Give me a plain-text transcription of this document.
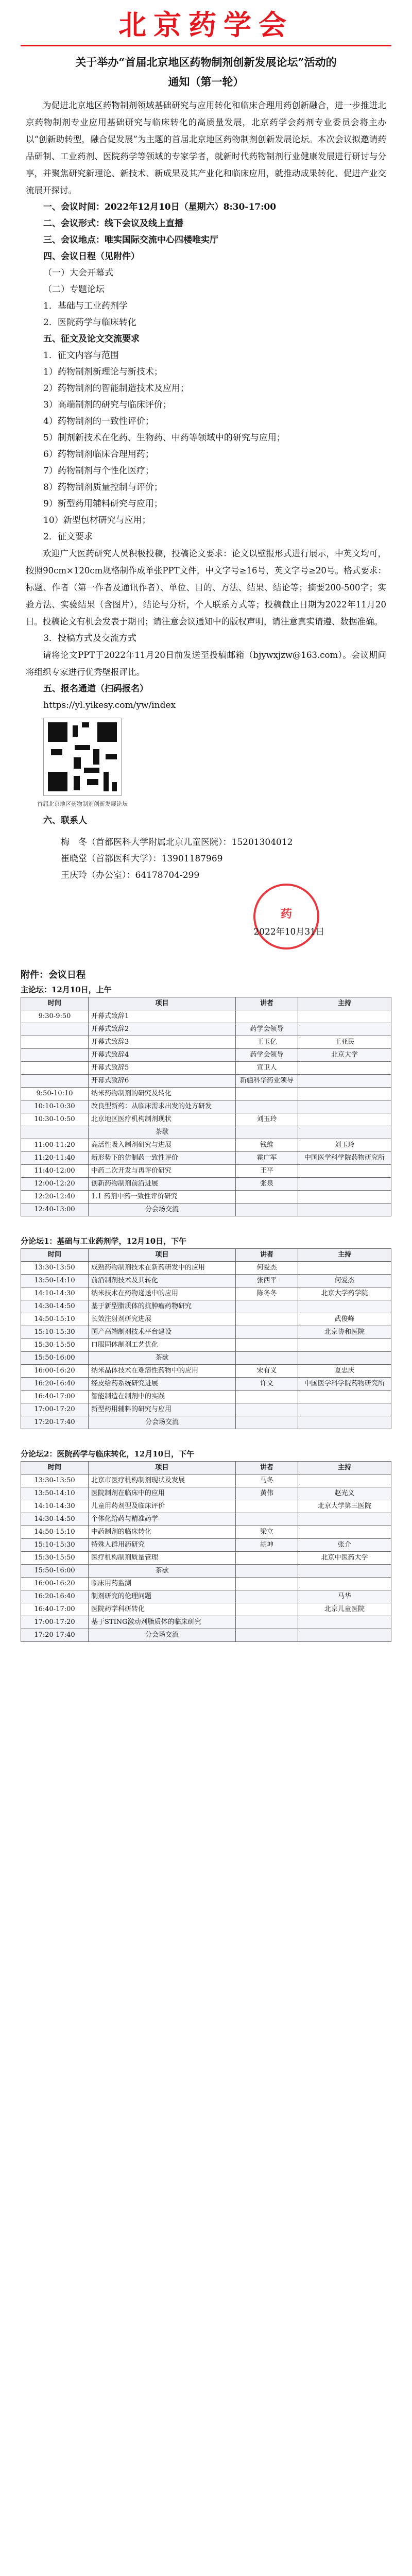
北京药学会
关于举办“首届北京地区药物制剂创新发展论坛”活动的
通知（第一轮）

为促进北京地区药物制剂领域基础研究与应用转化和临床合理用药创新融合，进一步推进北京药物制剂专业应用基础研究与临床转化的高质量发展，北京药学会药剂专业委员会将主办以“创新助转型，融合促发展”为主题的首届北京地区药物制剂创新发展论坛。本次会议拟邀请药品研制、工业药剂、医院药学等领域的专家学者，就新时代药物制剂行业健康发展进行研讨与分享，并聚焦研究新理论、新技术、新成果及其产业化和临床应用，就推动成果转化、促进产业交流展开探讨。

一、会议时间：2022年12月10日（星期六）8:30-17:00

二、会议形式：线下会议及线上直播

三、会议地点：唯实国际交流中心四楼唯实厅

四、会议日程（见附件）

（一）大会开幕式

（二）专题论坛

1．基础与工业药剂学

2．医院药学与临床转化

五、征文及论文交流要求

1．征文内容与范围

1）药物制剂新理论与新技术；

2）药物制剂的智能制造技术及应用；

3）高端制剂的研究与临床评价；

4）药物制剂的一致性评价；

5）制剂新技术在化药、生物药、中药等领域中的研究与应用；

6）药物制剂临床合理用药；

7）药物制剂与个性化医疗；

8）药物制剂质量控制与评价；

9）新型药用辅料研究与应用；

10）新型包材研究与应用；

2．征文要求

欢迎广大医药研究人员积极投稿，投稿论文要求：论文以壁报形式进行展示，中英文均可，按照90cm×120cm规格制作成单张PPT文件，中文字号≥16号，英文字号≥20号。格式要求：标题、作者（第一作者及通讯作者）、单位、目的、方法、结果、结论等；摘要200-500字；实验方法、实验结果（含图片），结论与分析，个人联系方式等；投稿截止日期为2022年11月20日。投稿论文有机会发表于期刊；请注意会议通知中的版权声明，请注意真实请遵、数据准确。

3．投稿方式及交流方式

请将论文PPT于2022年11月20日前发送至投稿邮箱（bjywxjzw@163.com）。会议期间将组织专家进行优秀壁报评比。

五、报名通道（扫码报名）

https://yl.yikesy.com/yw/index

首届北京地区药物制剂创新发展论坛

六、联系人

梅　冬（首都医科大学附属北京儿童医院）：15201304012

崔晓堂（首都医科大学）：13901187969

王庆玲（办公室）：64178704-299

药
2022年10月31日
附件：会议日程
主论坛：12月10日，上午
时间	项目	讲者	主持
9:30-9:50	开幕式致辞1		
	开幕式致辞2	药学会领导	
	开幕式致辞3	王玉亿	王亚民
	开幕式致辞4	药学会领导	北京大学
	开幕式致辞5	宣卫人	
	开幕式致辞6	新疆科华药业领导	
9:50-10:10	纳米药物制剂的研究及转化		
10:10-10:30	改良型新药：从临床需求出发的处方研发		
10:30-10:50	北京地区医疗机构制剂现状	刘玉玲	
	茶歇		
11:00-11:20	高活性吸入制剂研究与进展	钱维	刘玉玲
11:20-11:40	新形势下的仿制药一致性评价	霍广军	中国医学科学院药物研究所
11:40-12:00	中药二次开发与再评价研究	王平	
12:00-12:20	创新药物制剂前沿进展	张泉	
12:20-12:40	1.1 药剂中药一致性评价研究		
12:40-13:00	分会场交流		
分论坛1：基础与工业药剂学，12月10日，下午
时间	项目	讲者	主持
13:30-13:50	成熟药物制剂技术在新药研发中的应用	何爱杰	
13:50-14:10	前沿制剂技术及其转化	张西平	何爱杰
14:10-14:30	纳米技术在药物递送中的应用	陈冬冬	北京大学药学院
14:30-14:50	基于新型脂质体的抗肿瘤药物研究		
14:50-15:10	长效注射剂研究进展		武俊峰
15:10-15:30	国产高端制剂技术平台建设		北京协和医院
15:30-15:50	口服固体制剂工艺优化		
15:50-16:00	茶歇		
16:00-16:20	纳米晶体技术在难溶性药物中的应用	宋有义	夏忠庆
16:20-16:40	经皮给药系统研究进展	许文	中国医学科学院药物研究所
16:40-17:00	智能制造在制剂中的实践		
17:00-17:20	新型药用辅料的研究与应用		
17:20-17:40	分会场交流		
分论坛2：医院药学与临床转化，12月10日，下午
时间	项目	讲者	主持
13:30-13:50	北京市医疗机构制剂现状及发展	马冬	
13:50-14:10	医院制剂在临床中的应用	黄伟	赵光义
14:10-14:30	儿童用药剂型及临床评价		北京大学第三医院
14:30-14:50	个体化给药与精准药学		
14:50-15:10	中药制剂的临床转化	梁立	
15:10-15:30	特殊人群用药研究	胡坤	张介
15:30-15:50	医疗机构制剂质量管理		北京中医药大学
15:50-16:00	茶歇		
16:00-16:20	临床用药监测		
16:20-16:40	制剂研究的伦理问题		马华
16:40-17:00	医院药学科研转化		北京儿童医院
17:00-17:20	基于STING激动剂脂质体的临床研究		
17:20-17:40	分会场交流		
